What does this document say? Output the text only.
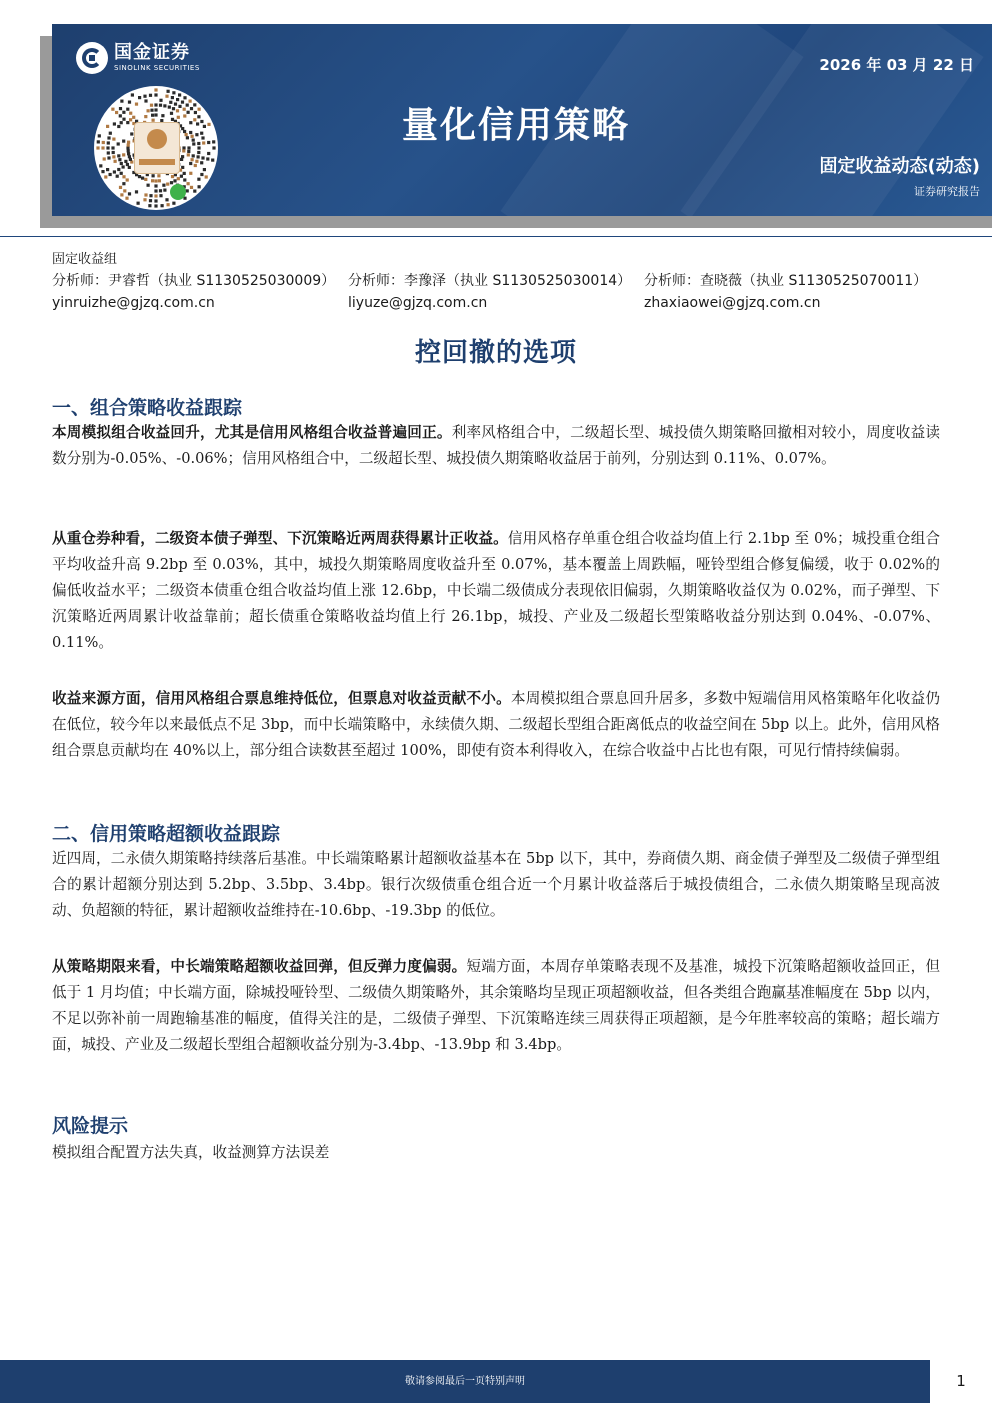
国金证券
SINOLINK SECURITIES
量化信用策略
2026 年 03 月 22 日
固定收益动态(动态)
证券研究报告
固定收益组
分析师：尹睿哲（执业 S1130525030009）
yinruizhe@gjzq.com.cn
分析师：李豫泽（执业 S1130525030014）
liyuze@gjzq.com.cn
分析师：查晓薇（执业 S1130525070011）
zhaxiaowei@gjzq.com.cn
控回撤的选项
一、组合策略收益跟踪

本周模拟组合收益回升，尤其是信用风格组合收益普遍回正。利率风格组合中，二级超长型、城投债久期策略回撤相对较小，周度收益读数分别为-0.05%、-0.06%；信用风格组合中，二级超长型、城投债久期策略收益居于前列，分别达到 0.11%、0.07%。

从重仓券种看，二级资本债子弹型、下沉策略近两周获得累计正收益。信用风格存单重仓组合收益均值上行 2.1bp 至 0%；城投重仓组合平均收益升高 9.2bp 至 0.03%，其中，城投久期策略周度收益升至 0.07%，基本覆盖上周跌幅，哑铃型组合修复偏缓，收于 0.02%的偏低收益水平；二级资本债重仓组合收益均值上涨 12.6bp，中长端二级债成分表现依旧偏弱，久期策略收益仅为 0.02%，而子弹型、下沉策略近两周累计收益靠前；超长债重仓策略收益均值上行 26.1bp，城投、产业及二级超长型策略收益分别达到 0.04%、-0.07%、0.11%。

收益来源方面，信用风格组合票息维持低位，但票息对收益贡献不小。本周模拟组合票息回升居多，多数中短端信用风格策略年化收益仍在低位，较今年以来最低点不足 3bp，而中长端策略中，永续债久期、二级超长型组合距离低点的收益空间在 5bp 以上。此外，信用风格组合票息贡献均在 40%以上，部分组合读数甚至超过 100%，即使有资本利得收入，在综合收益中占比也有限，可见行情持续偏弱。

二、信用策略超额收益跟踪

近四周，二永债久期策略持续落后基准。中长端策略累计超额收益基本在 5bp 以下，其中，券商债久期、商金债子弹型及二级债子弹型组合的累计超额分别达到 5.2bp、3.5bp、3.4bp。银行次级债重仓组合近一个月累计收益落后于城投债组合，二永债久期策略呈现高波动、负超额的特征，累计超额收益维持在-10.6bp、-19.3bp 的低位。

从策略期限来看，中长端策略超额收益回弹，但反弹力度偏弱。短端方面，本周存单策略表现不及基准，城投下沉策略超额收益回正，但低于 1 月均值；中长端方面，除城投哑铃型、二级债久期策略外，其余策略均呈现正项超额收益，但各类组合跑赢基准幅度在 5bp 以内，不足以弥补前一周跑输基准的幅度，值得关注的是，二级债子弹型、下沉策略连续三周获得正项超额，是今年胜率较高的策略；超长端方面，城投、产业及二级超长型组合超额收益分别为-3.4bp、-13.9bp 和 3.4bp。

风险提示

模拟组合配置方法失真，收益测算方法误差

敬请参阅最后一页特别声明	1
